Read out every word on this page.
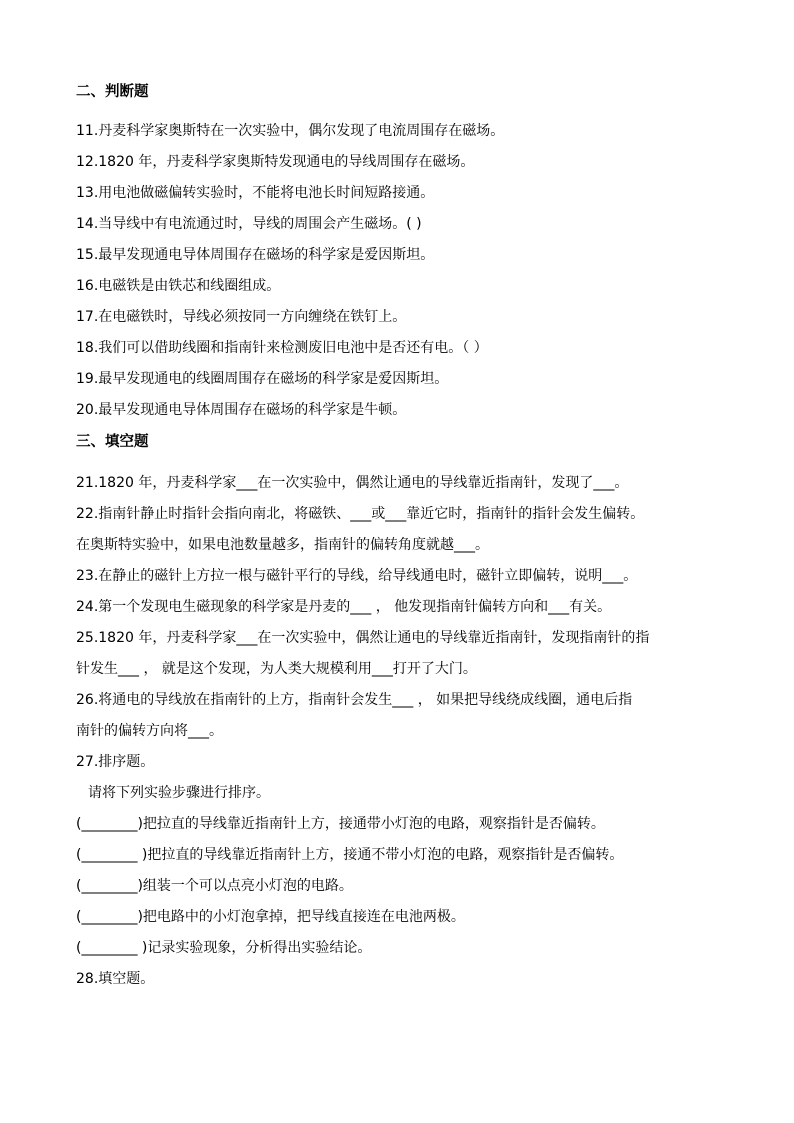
二、判断题
11.丹麦科学家奥斯特在一次实验中，偶尔发现了电流周围存在磁场。
12.1820 年，丹麦科学家奥斯特发现通电的导线周围存在磁场。
13.用电池做磁偏转实验时，不能将电池长时间短路接通。
14.当导线中有电流通过时，导线的周围会产生磁场。( )
15.最早发现通电导体周围存在磁场的科学家是爱因斯坦。
16.电磁铁是由铁芯和线圈组成。
17.在电磁铁时，导线必须按同一方向缠绕在铁钉上。
18.我们可以借助线圈和指南针来检测废旧电池中是否还有电。（ ）
19.最早发现通电的线圈周围存在磁场的科学家是爱因斯坦。
20.最早发现通电导体周围存在磁场的科学家是牛顿。
三、填空题
21.1820 年，丹麦科学家___在一次实验中，偶然让通电的导线靠近指南针，发现了___。
22.指南针静止时指针会指向南北，将磁铁、___或___靠近它时，指南针的指针会发生偏转。
在奥斯特实验中，如果电池数量越多，指南针的偏转角度就越___。
23.在静止的磁针上方拉一根与磁针平行的导线，给导线通电时，磁针立即偏转，说明___。
24.第一个发现电生磁现象的科学家是丹麦的___ ， 他发现指南针偏转方向和___有关。
25.1820 年，丹麦科学家___在一次实验中，偶然让通电的导线靠近指南针，发现指南针的指
针发生___ ， 就是这个发现，为人类大规模利用___打开了大门。
26.将通电的导线放在指南针的上方，指南针会发生___ ， 如果把导线绕成线圈，通电后指
南针的偏转方向将___。
27.排序题。
请将下列实验步骤进行排序。
(________)把拉直的导线靠近指南针上方，接通带小灯泡的电路，观察指针是否偏转。
(________ )把拉直的导线靠近指南针上方，接通不带小灯泡的电路，观察指针是否偏转。
(________)组装一个可以点亮小灯泡的电路。
(________)把电路中的小灯泡拿掉，把导线直接连在电池两极。
(________ )记录实验现象，分析得出实验结论。
28.填空题。
